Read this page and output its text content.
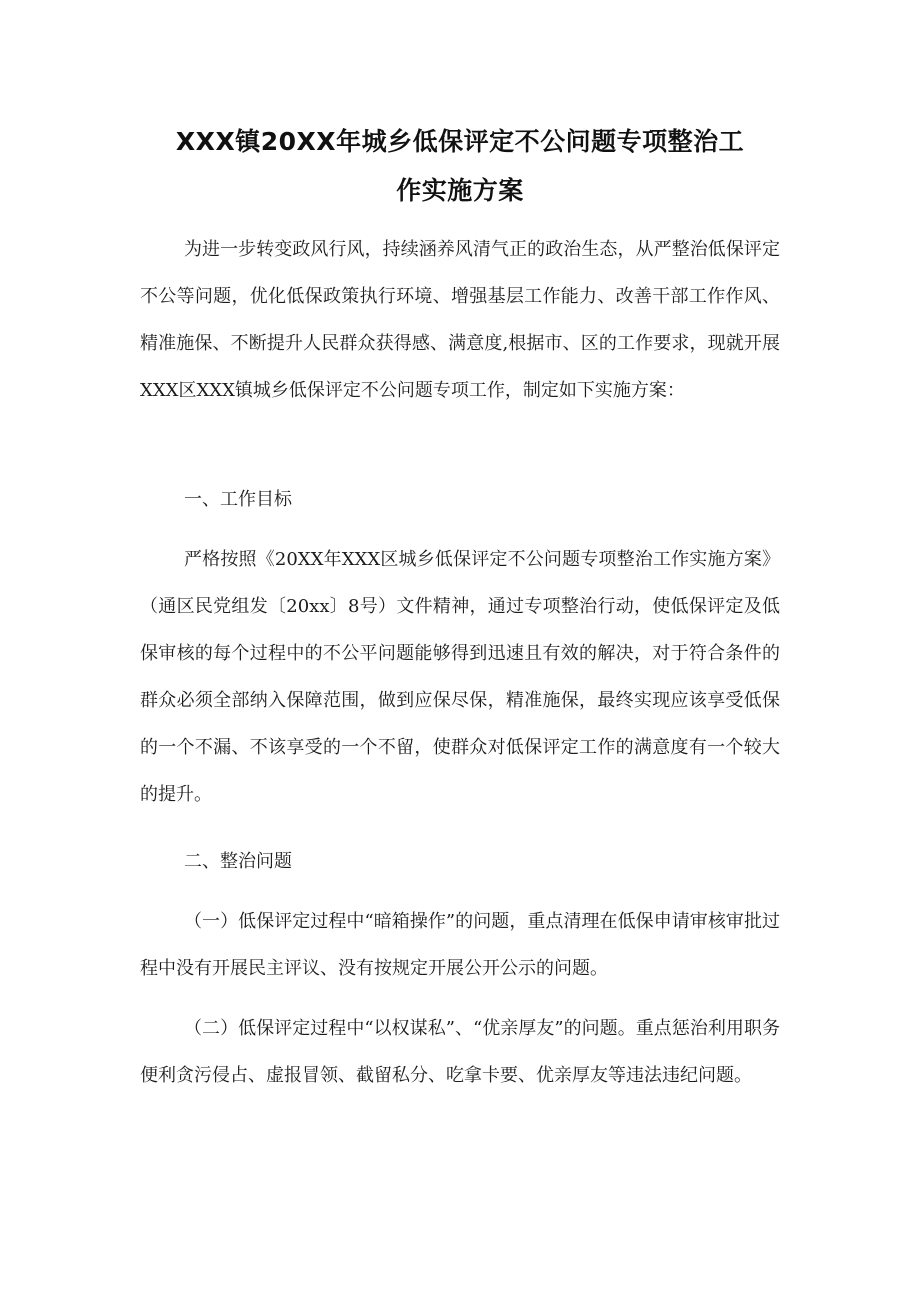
XXX镇20XX年城乡低保评定不公问题专项整治工
作实施方案

为进一步转变政风行风，持续涵养风清气正的政治生态，从严整治低保评定不公等问题，优化低保政策执行环境、增强基层工作能力、改善干部工作作风、精准施保、不断提升人民群众获得感、满意度,根据市、区的工作要求，现就开展XXX区XXX镇城乡低保评定不公问题专项工作，制定如下实施方案：

一、工作目标

严格按照《20XX年XXX区城乡低保评定不公问题专项整治工作实施方案》（通区民党组发〔20xx〕8号）文件精神，通过专项整治行动，使低保评定及低保审核的每个过程中的不公平问题能够得到迅速且有效的解决，对于符合条件的群众必须全部纳入保障范围，做到应保尽保，精准施保，最终实现应该享受低保的一个不漏、不该享受的一个不留，使群众对低保评定工作的满意度有一个较大的提升。

二、整治问题

（一）低保评定过程中“暗箱操作”的问题，重点清理在低保申请审核审批过程中没有开展民主评议、没有按规定开展公开公示的问题。

（二）低保评定过程中“以权谋私”、“优亲厚友”的问题。重点惩治利用职务便利贪污侵占、虚报冒领、截留私分、吃拿卡要、优亲厚友等违法违纪问题。
